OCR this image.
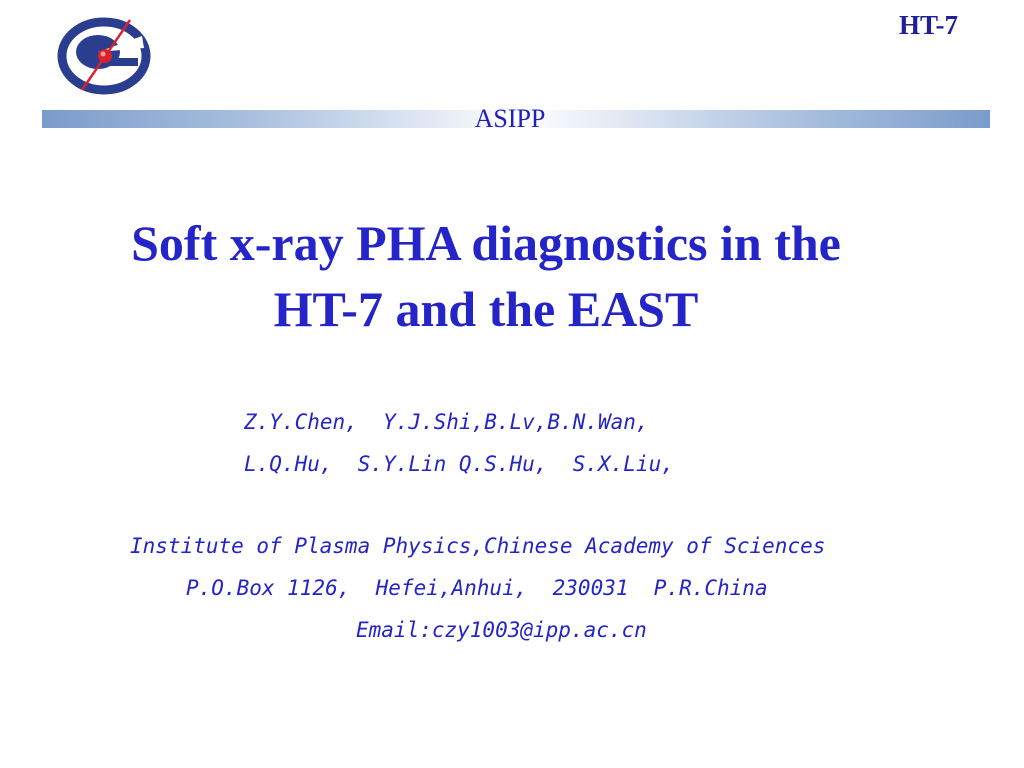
HT-7
ASIPP
Soft x-ray PHA diagnostics in the
HT-7 and the EAST
Z.Y.Chen,  Y.J.Shi,B.Lv,B.N.Wan,
L.Q.Hu,  S.Y.Lin Q.S.Hu,  S.X.Liu,
Institute of Plasma Physics,Chinese Academy of Sciences
P.O.Box 1126,  Hefei,Anhui,  230031  P.R.China
Email:czy1003@ipp.ac.cn
